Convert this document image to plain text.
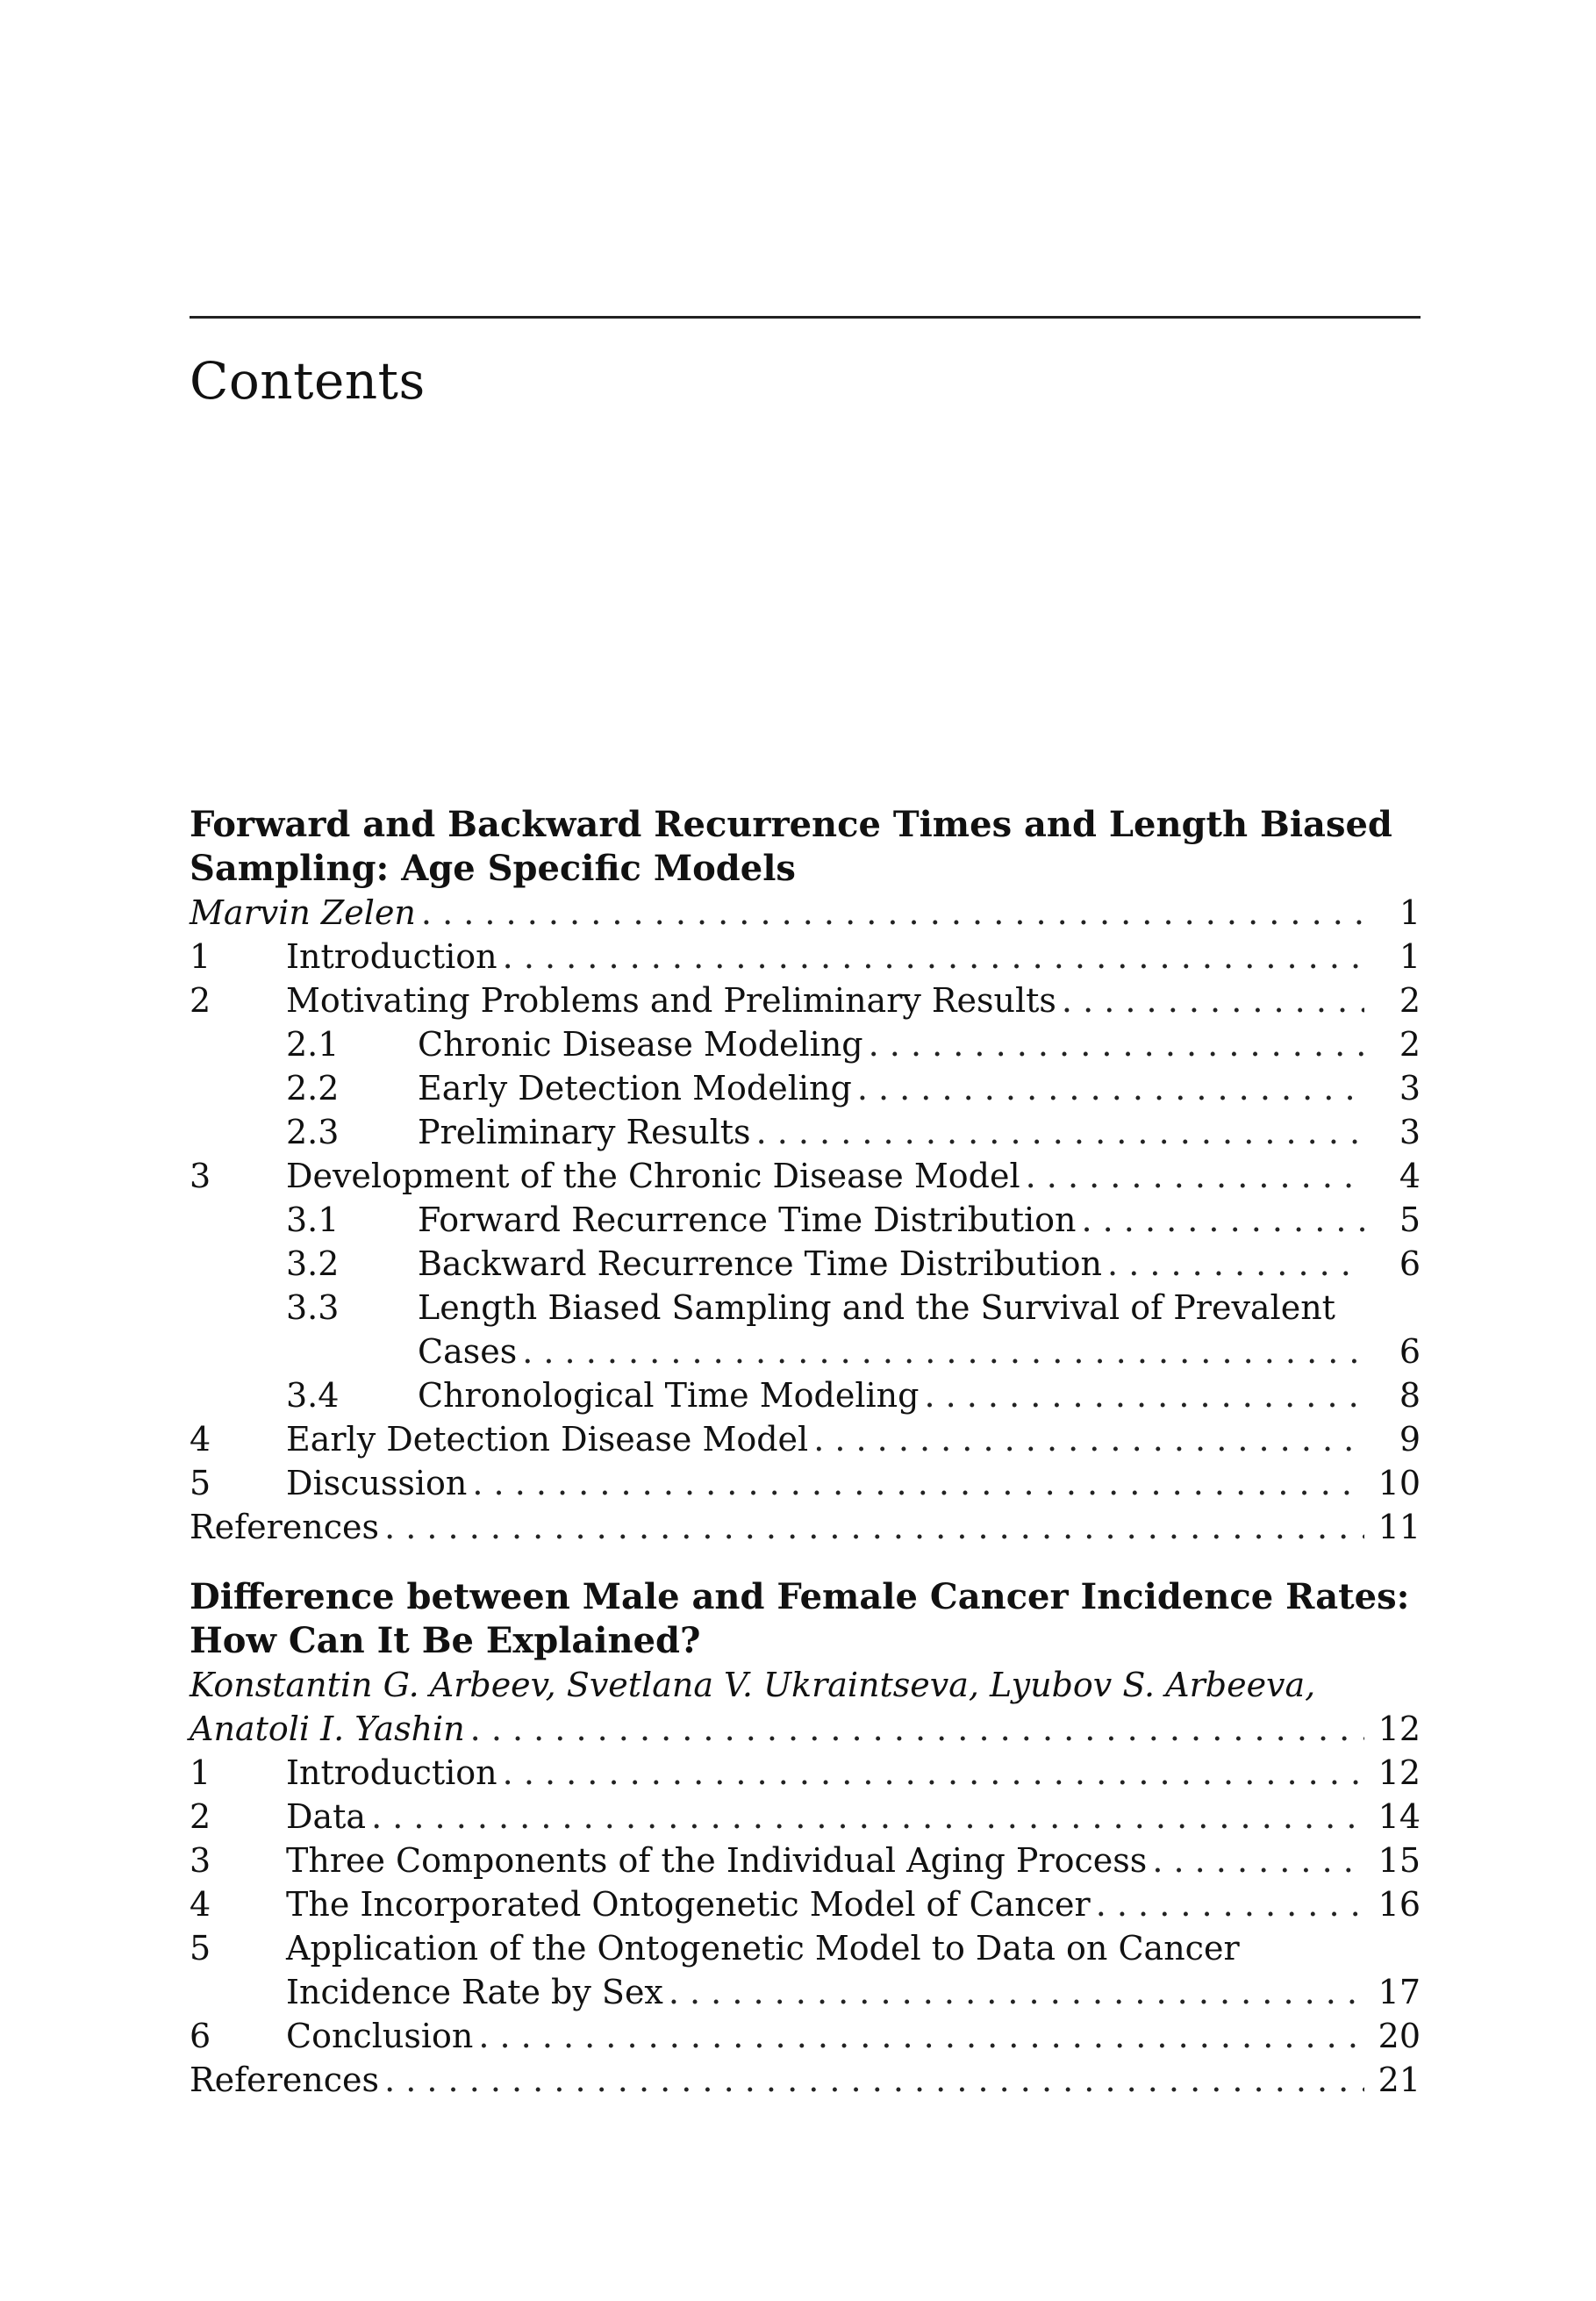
Contents
Forward and Backward Recurrence Times and Length Biased
Sampling: Age Specific Models
Marvin Zelen . . .	1
1	Introduction . . .	1
2	Motivating Problems and Preliminary Results . . .	2
2.1	Chronic Disease Modeling . . .	2
2.2	Early Detection Modeling . . .	3
2.3	Preliminary Results . . .	3
3	Development of the Chronic Disease Model . . .	4
3.1	Forward Recurrence Time Distribution . . .	5
3.2	Backward Recurrence Time Distribution . . .	6
3.3	Length Biased Sampling and the Survival of Prevalent
Cases . . .	6
3.4	Chronological Time Modeling . . .	8
4	Early Detection Disease Model . . .	9
5	Discussion . . .	10
References . . .	11
Difference between Male and Female Cancer Incidence Rates:
How Can It Be Explained?
Konstantin G. Arbeev, Svetlana V. Ukraintseva, Lyubov S. Arbeeva,
Anatoli I. Yashin . . .	12
1	Introduction . . .	12
2	Data . . .	14
3	Three Components of the Individual Aging Process . . .	15
4	The Incorporated Ontogenetic Model of Cancer . . .	16
5	Application of the Ontogenetic Model to Data on Cancer
Incidence Rate by Sex . . .	17
6	Conclusion . . .	20
References . . .	21
